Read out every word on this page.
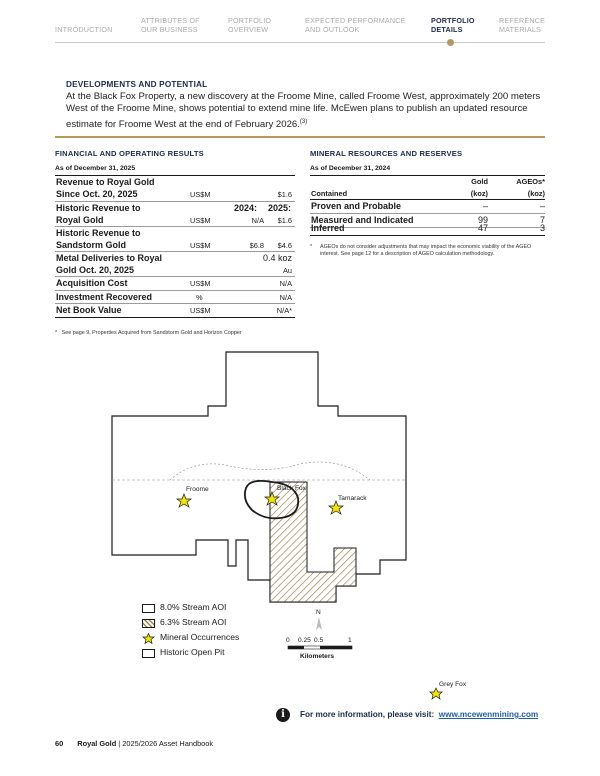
INTRODUCTION
ATTRIBUTES OF
OUR BUSINESS
PORTFOLIO
OVERVIEW
EXPECTED PERFORMANCE
AND OUTLOOK
PORTFOLIO
DETAILS
REFERENCE
MATERIALS
DEVELOPMENTS AND POTENTIAL
At the Black Fox Property, a new discovery at the Froome Mine, called Froome West, approximately 200 meters West of the Froome Mine, shows potential to extend mine life. McEwen plans to publish an updated resource estimate for Froome West at the end of February 2026.$^{(3)}$
FINANCIAL AND OPERATING RESULTS
As of December 31, 2025
Revenue to Royal Gold
Since Oct. 20, 2025	US$M	$1.6
Historic Revenue to	2024: 2025:
Royal Gold	US$M	N/A	$1.6
Historic Revenue to
Sandstorm Gold	US$M	$6.8	$4.6
Metal Deliveries to Royal	0.4 koz
Gold Oct. 20, 2025	Au
Acquisition Cost	US$M	N/A
Investment Recovered	%	N/A
Net Book Value	US$M	N/A*
* See page 9, Properties Acquired from Sandstorm Gold and Horizon Copper
MINERAL RESOURCES AND RESERVES
As of December 31, 2024
Gold	AGEOs*
Contained	(koz)	(koz)
Proven and Probable	–	–
Measured and Indicated	99	7
Inferred	47	3
* AGEOs do not consider adjustments that may impact the economic viability of the AGEO interest. See page 12 for a description of AGEO calculation methodology.
Froome	Black Fox
Tamarack
Grey Fox
N
0 0.25 0.5	1
Kilometers
8.0% Stream AOI
6.3% Stream AOI
Mineral Occurrences
Historic Open Pit
i	For more information, please visit: www.mcewenmining.com
60 Royal Gold | 2025/2026 Asset Handbook
